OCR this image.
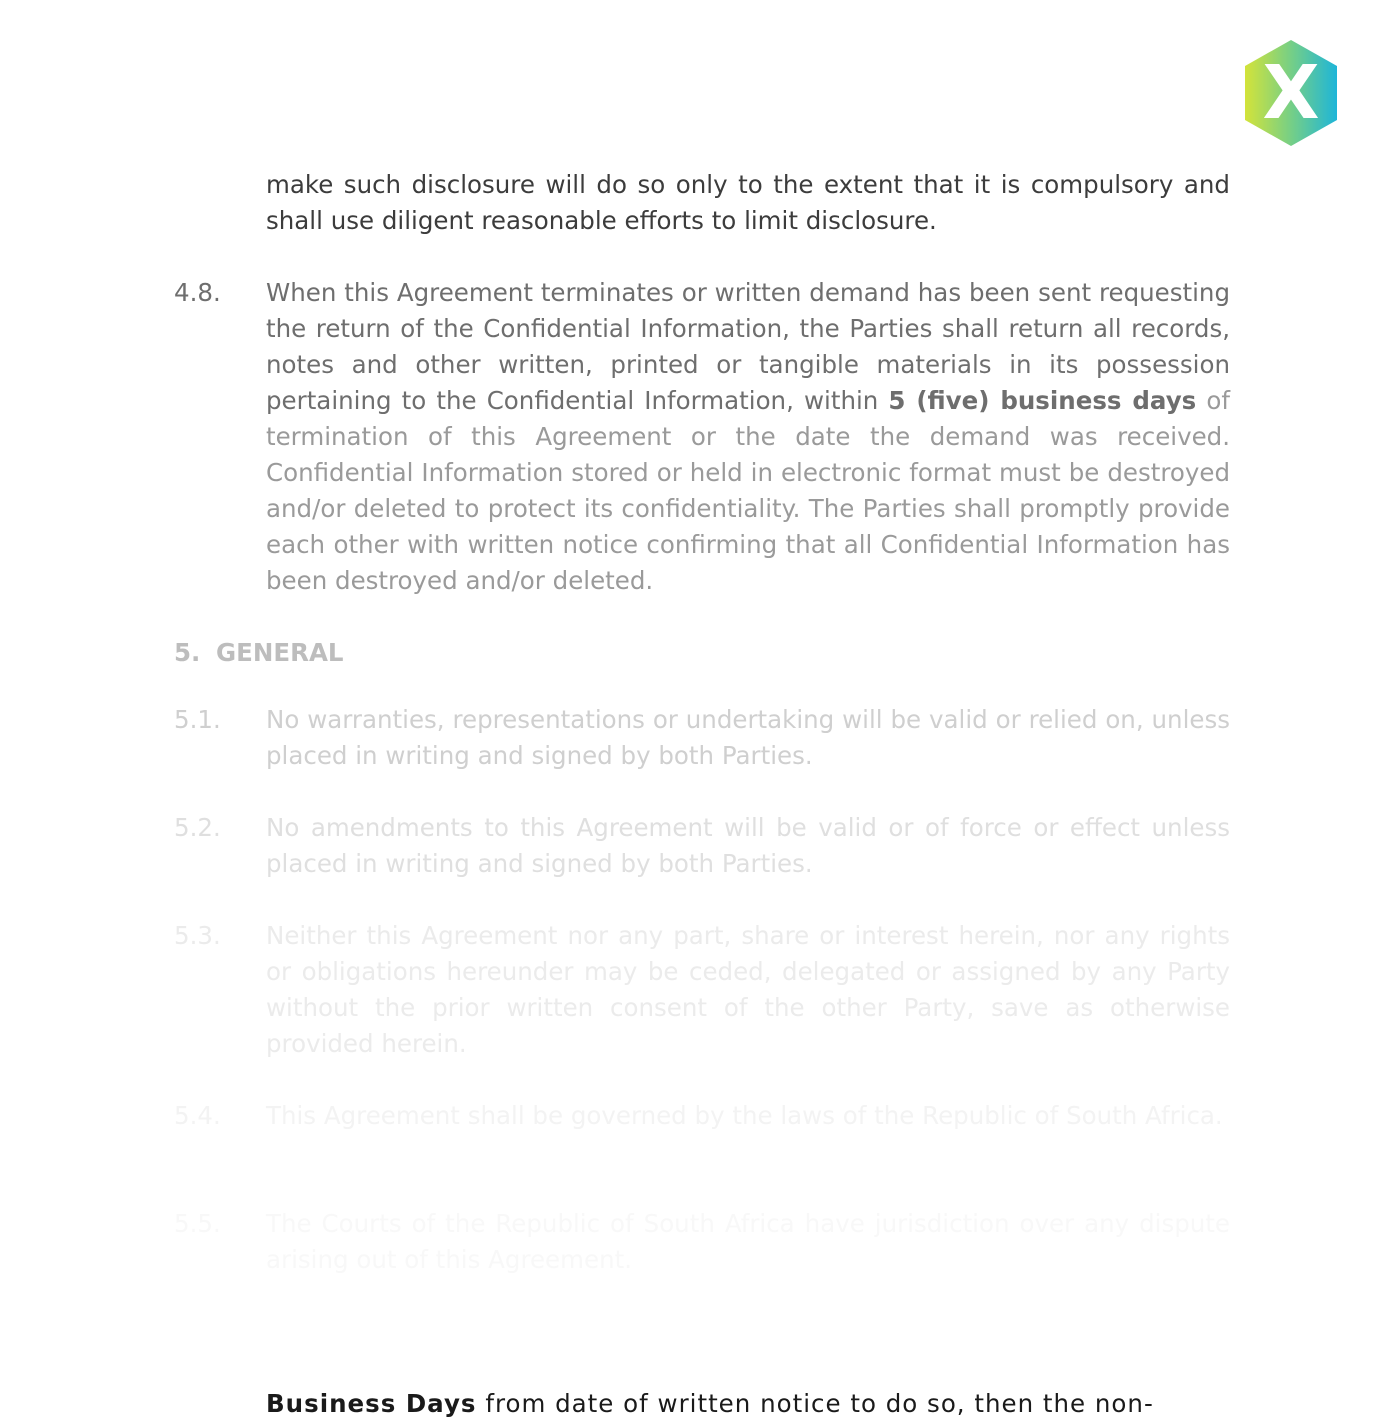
X

make such disclosure will do so only to the extent that it is compulsory and shall use diligent reasonable efforts to limit disclosure.

4.8. When this Agreement terminates or written demand has been sent requesting the return of the Confidential Information, the Parties shall return all records, notes and other written, printed or tangible materials in its possession pertaining to the Confidential Information, within 5 (five) business days of termination of this Agreement or the date the demand was received. Confidential Information stored or held in electronic format must be destroyed and/or deleted to protect its confidentiality. The Parties shall promptly provide each other with written notice confirming that all Confidential Information has been destroyed and/or deleted.

5. GENERAL

5.1. No warranties, representations or undertaking will be valid or relied on, unless placed in writing and signed by both Parties.

5.2. No amendments to this Agreement will be valid or of force or effect unless placed in writing and signed by both Parties.

5.3. Neither this Agreement nor any part, share or interest herein, nor any rights or obligations hereunder may be ceded, delegated or assigned by any Party without the prior written consent of the other Party, save as otherwise provided herein.

5.4. This Agreement shall be governed by the laws of the Republic of South Africa.

5.5. The Courts of the Republic of South Africa have jurisdiction over any dispute arising out of this Agreement.

Business Days from date of written notice to do so, then the non-
